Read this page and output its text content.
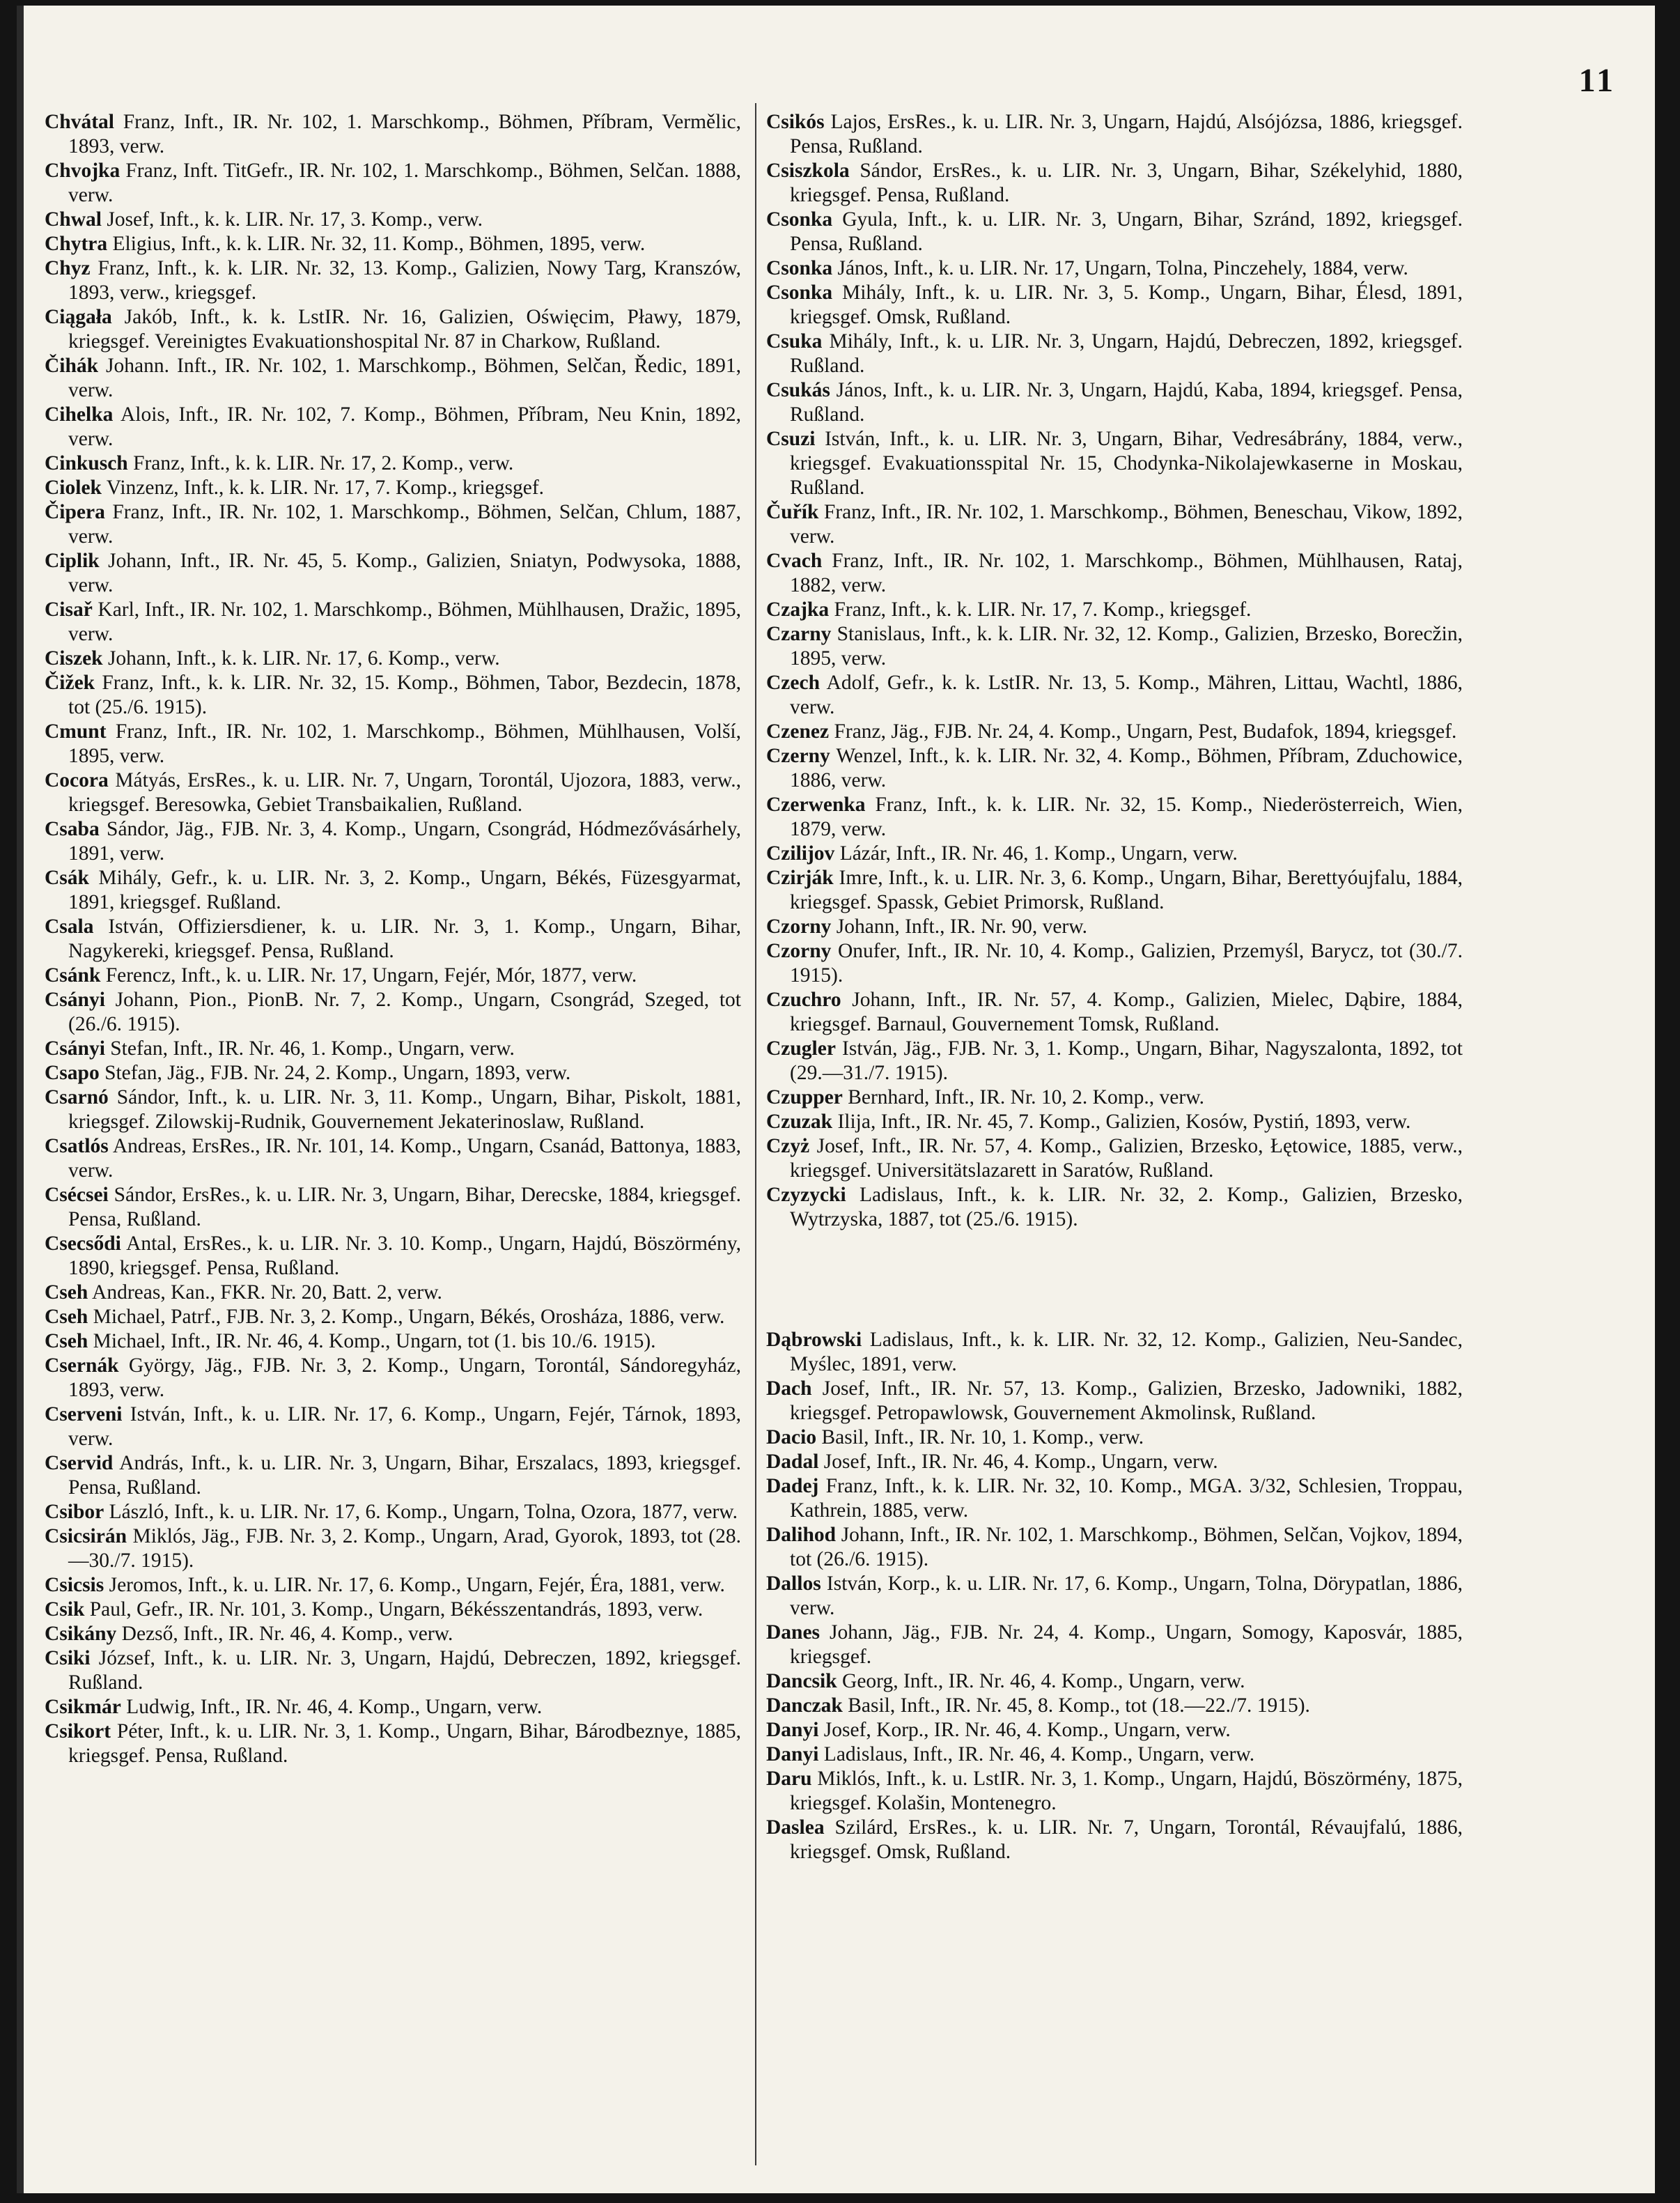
11

Chvátal Franz, Inft., IR. Nr. 102, 1. Marschkomp., Böhmen, Příbram, Vermělic, 1893, verw.

Chvojka Franz, Inft. TitGefr., IR. Nr. 102, 1. Marschkomp., Böhmen, Selčan. 1888, verw.

Chwal Josef, Inft., k. k. LIR. Nr. 17, 3. Komp., verw.

Chytra Eligius, Inft., k. k. LIR. Nr. 32, 11. Komp., Böhmen, 1895, verw.

Chyz Franz, Inft., k. k. LIR. Nr. 32, 13. Komp., Galizien, Nowy Targ, Kranszów, 1893, verw., kriegsgef.

Ciągała Jakób, Inft., k. k. LstIR. Nr. 16, Galizien, Oświęcim, Pławy, 1879, kriegsgef. Vereinigtes Evakuationshospital Nr. 87 in Charkow, Rußland.

Čihák Johann. Inft., IR. Nr. 102, 1. Marschkomp., Böhmen, Selčan, Ředic, 1891, verw.

Cihelka Alois, Inft., IR. Nr. 102, 7. Komp., Böhmen, Příbram, Neu Knin, 1892, verw.

Cinkusch Franz, Inft., k. k. LIR. Nr. 17, 2. Komp., verw.

Ciolek Vinzenz, Inft., k. k. LIR. Nr. 17, 7. Komp., kriegsgef.

Čipera Franz, Inft., IR. Nr. 102, 1. Marschkomp., Böhmen, Selčan, Chlum, 1887, verw.

Ciplik Johann, Inft., IR. Nr. 45, 5. Komp., Galizien, Sniatyn, Podwysoka, 1888, verw.

Cisař Karl, Inft., IR. Nr. 102, 1. Marschkomp., Böhmen, Mühlhausen, Dražic, 1895, verw.

Ciszek Johann, Inft., k. k. LIR. Nr. 17, 6. Komp., verw.

Čižek Franz, Inft., k. k. LIR. Nr. 32, 15. Komp., Böhmen, Tabor, Bezdecin, 1878, tot (25./6. 1915).

Cmunt Franz, Inft., IR. Nr. 102, 1. Marschkomp., Böhmen, Mühlhausen, Volší, 1895, verw.

Cocora Mátyás, ErsRes., k. u. LIR. Nr. 7, Ungarn, Torontál, Ujozora, 1883, verw., kriegsgef. Beresowka, Gebiet Transbaikalien, Rußland.

Csaba Sándor, Jäg., FJB. Nr. 3, 4. Komp., Ungarn, Csongrád, Hódmezővásárhely, 1891, verw.

Csák Mihály, Gefr., k. u. LIR. Nr. 3, 2. Komp., Ungarn, Békés, Füzesgyarmat, 1891, kriegsgef. Rußland.

Csala István, Offiziersdiener, k. u. LIR. Nr. 3, 1. Komp., Ungarn, Bihar, Nagykereki, kriegsgef. Pensa, Rußland.

Csánk Ferencz, Inft., k. u. LIR. Nr. 17, Ungarn, Fejér, Mór, 1877, verw.

Csányi Johann, Pion., PionB. Nr. 7, 2. Komp., Ungarn, Csongrád, Szeged, tot (26./6. 1915).

Csányi Stefan, Inft., IR. Nr. 46, 1. Komp., Ungarn, verw.

Csapo Stefan, Jäg., FJB. Nr. 24, 2. Komp., Ungarn, 1893, verw.

Csarnó Sándor, Inft., k. u. LIR. Nr. 3, 11. Komp., Ungarn, Bihar, Piskolt, 1881, kriegsgef. Zilowskij-Rudnik, Gouvernement Jekaterinoslaw, Rußland.

Csatlós Andreas, ErsRes., IR. Nr. 101, 14. Komp., Ungarn, Csanád, Battonya, 1883, verw.

Csécsei Sándor, ErsRes., k. u. LIR. Nr. 3, Ungarn, Bihar, Derecske, 1884, kriegsgef. Pensa, Rußland.

Csecsődi Antal, ErsRes., k. u. LIR. Nr. 3. 10. Komp., Ungarn, Hajdú, Böszörmény, 1890, kriegsgef. Pensa, Rußland.

Cseh Andreas, Kan., FKR. Nr. 20, Batt. 2, verw.

Cseh Michael, Patrf., FJB. Nr. 3, 2. Komp., Ungarn, Békés, Orosháza, 1886, verw.

Cseh Michael, Inft., IR. Nr. 46, 4. Komp., Ungarn, tot (1. bis 10./6. 1915).

Csernák György, Jäg., FJB. Nr. 3, 2. Komp., Ungarn, Torontál, Sándoregyház, 1893, verw.

Cserveni István, Inft., k. u. LIR. Nr. 17, 6. Komp., Ungarn, Fejér, Tárnok, 1893, verw.

Cservid András, Inft., k. u. LIR. Nr. 3, Ungarn, Bihar, Erszalacs, 1893, kriegsgef. Pensa, Rußland.

Csibor László, Inft., k. u. LIR. Nr. 17, 6. Komp., Ungarn, Tolna, Ozora, 1877, verw.

Csicsirán Miklós, Jäg., FJB. Nr. 3, 2. Komp., Ungarn, Arad, Gyorok, 1893, tot (28.—30./7. 1915).

Csicsis Jeromos, Inft., k. u. LIR. Nr. 17, 6. Komp., Ungarn, Fejér, Éra, 1881, verw.

Csik Paul, Gefr., IR. Nr. 101, 3. Komp., Ungarn, Békésszentandrás, 1893, verw.

Csikány Dezső, Inft., IR. Nr. 46, 4. Komp., verw.

Csiki József, Inft., k. u. LIR. Nr. 3, Ungarn, Hajdú, Debreczen, 1892, kriegsgef. Rußland.

Csikmár Ludwig, Inft., IR. Nr. 46, 4. Komp., Ungarn, verw.

Csikort Péter, Inft., k. u. LIR. Nr. 3, 1. Komp., Ungarn, Bihar, Bárodbeznye, 1885, kriegsgef. Pensa, Rußland.

Csikós Lajos, ErsRes., k. u. LIR. Nr. 3, Ungarn, Hajdú, Alsójózsa, 1886, kriegsgef. Pensa, Rußland.

Csiszkola Sándor, ErsRes., k. u. LIR. Nr. 3, Ungarn, Bihar, Székelyhid, 1880, kriegsgef. Pensa, Rußland.

Csonka Gyula, Inft., k. u. LIR. Nr. 3, Ungarn, Bihar, Szránd, 1892, kriegsgef. Pensa, Rußland.

Csonka János, Inft., k. u. LIR. Nr. 17, Ungarn, Tolna, Pinczehely, 1884, verw.

Csonka Mihály, Inft., k. u. LIR. Nr. 3, 5. Komp., Ungarn, Bihar, Élesd, 1891, kriegsgef. Omsk, Rußland.

Csuka Mihály, Inft., k. u. LIR. Nr. 3, Ungarn, Hajdú, Debreczen, 1892, kriegsgef. Rußland.

Csukás János, Inft., k. u. LIR. Nr. 3, Ungarn, Hajdú, Kaba, 1894, kriegsgef. Pensa, Rußland.

Csuzi István, Inft., k. u. LIR. Nr. 3, Ungarn, Bihar, Vedresábrány, 1884, verw., kriegsgef. Evakuationsspital Nr. 15, Chodynka-Nikolajewkaserne in Moskau, Rußland.

Čuřík Franz, Inft., IR. Nr. 102, 1. Marschkomp., Böhmen, Beneschau, Vikow, 1892, verw.

Cvach Franz, Inft., IR. Nr. 102, 1. Marschkomp., Böhmen, Mühlhausen, Ratај, 1882, verw.

Czajka Franz, Inft., k. k. LIR. Nr. 17, 7. Komp., kriegsgef.

Czarny Stanislaus, Inft., k. k. LIR. Nr. 32, 12. Komp., Galizien, Brzesko, Borecžin, 1895, verw.

Czech Adolf, Gefr., k. k. LstIR. Nr. 13, 5. Komp., Mähren, Littau, Wachtl, 1886, verw.

Czenez Franz, Jäg., FJB. Nr. 24, 4. Komp., Ungarn, Pest, Budafok, 1894, kriegsgef.

Czerny Wenzel, Inft., k. k. LIR. Nr. 32, 4. Komp., Böhmen, Příbram, Zduchowice, 1886, verw.

Czerwenka Franz, Inft., k. k. LIR. Nr. 32, 15. Komp., Niederösterreich, Wien, 1879, verw.

Czilijov Lázár, Inft., IR. Nr. 46, 1. Komp., Ungarn, verw.

Czirják Imre, Inft., k. u. LIR. Nr. 3, 6. Komp., Ungarn, Bihar, Berettyóujfalu, 1884, kriegsgef. Spassk, Gebiet Primorsk, Rußland.

Czorny Johann, Inft., IR. Nr. 90, verw.

Czorny Onufer, Inft., IR. Nr. 10, 4. Komp., Galizien, Przemyśl, Barycz, tot (30./7. 1915).

Czuchro Johann, Inft., IR. Nr. 57, 4. Komp., Galizien, Mielec, Dąbire, 1884, kriegsgef. Barnaul, Gouvernement Tomsk, Rußland.

Czugler István, Jäg., FJB. Nr. 3, 1. Komp., Ungarn, Bihar, Nagyszalonta, 1892, tot (29.—31./7. 1915).

Czupper Bernhard, Inft., IR. Nr. 10, 2. Komp., verw.

Czuzak Ilija, Inft., IR. Nr. 45, 7. Komp., Galizien, Kosów, Pystiń, 1893, verw.

Czyż Josef, Inft., IR. Nr. 57, 4. Komp., Galizien, Brzesko, Łętowice, 1885, verw., kriegsgef. Universitätslazarett in Saratów, Rußland.

Czyzycki Ladislaus, Inft., k. k. LIR. Nr. 32, 2. Komp., Galizien, Brzesko, Wytrzyska, 1887, tot (25./6. 1915).

Dąbrowski Ladislaus, Inft., k. k. LIR. Nr. 32, 12. Komp., Galizien, Neu-Sandec, Myślec, 1891, verw.

Dach Josef, Inft., IR. Nr. 57, 13. Komp., Galizien, Brzesko, Jadowniki, 1882, kriegsgef. Petropawlowsk, Gouvernement Akmolinsk, Rußland.

Dacio Basil, Inft., IR. Nr. 10, 1. Komp., verw.

Dadal Josef, Inft., IR. Nr. 46, 4. Komp., Ungarn, verw.

Dadej Franz, Inft., k. k. LIR. Nr. 32, 10. Komp., MGA. 3/32, Schlesien, Troppau, Kathrein, 1885, verw.

Dalihod Johann, Inft., IR. Nr. 102, 1. Marschkomp., Böhmen, Selčan, Vojkov, 1894, tot (26./6. 1915).

Dallos István, Korp., k. u. LIR. Nr. 17, 6. Komp., Ungarn, Tolna, Dörypatlan, 1886, verw.

Danes Johann, Jäg., FJB. Nr. 24, 4. Komp., Ungarn, Somogy, Kaposvár, 1885, kriegsgef.

Dancsik Georg, Inft., IR. Nr. 46, 4. Komp., Ungarn, verw.

Danczak Basil, Inft., IR. Nr. 45, 8. Komp., tot (18.—22./7. 1915).

Danyi Josef, Korp., IR. Nr. 46, 4. Komp., Ungarn, verw.

Danyi Ladislaus, Inft., IR. Nr. 46, 4. Komp., Ungarn, verw.

Daru Miklós, Inft., k. u. LstIR. Nr. 3, 1. Komp., Ungarn, Hajdú, Böszörmény, 1875, kriegsgef. Kolašin, Montenegro.

Daslea Szilárd, ErsRes., k. u. LIR. Nr. 7, Ungarn, Torontál, Révaujfalú, 1886, kriegsgef. Omsk, Rußland.
